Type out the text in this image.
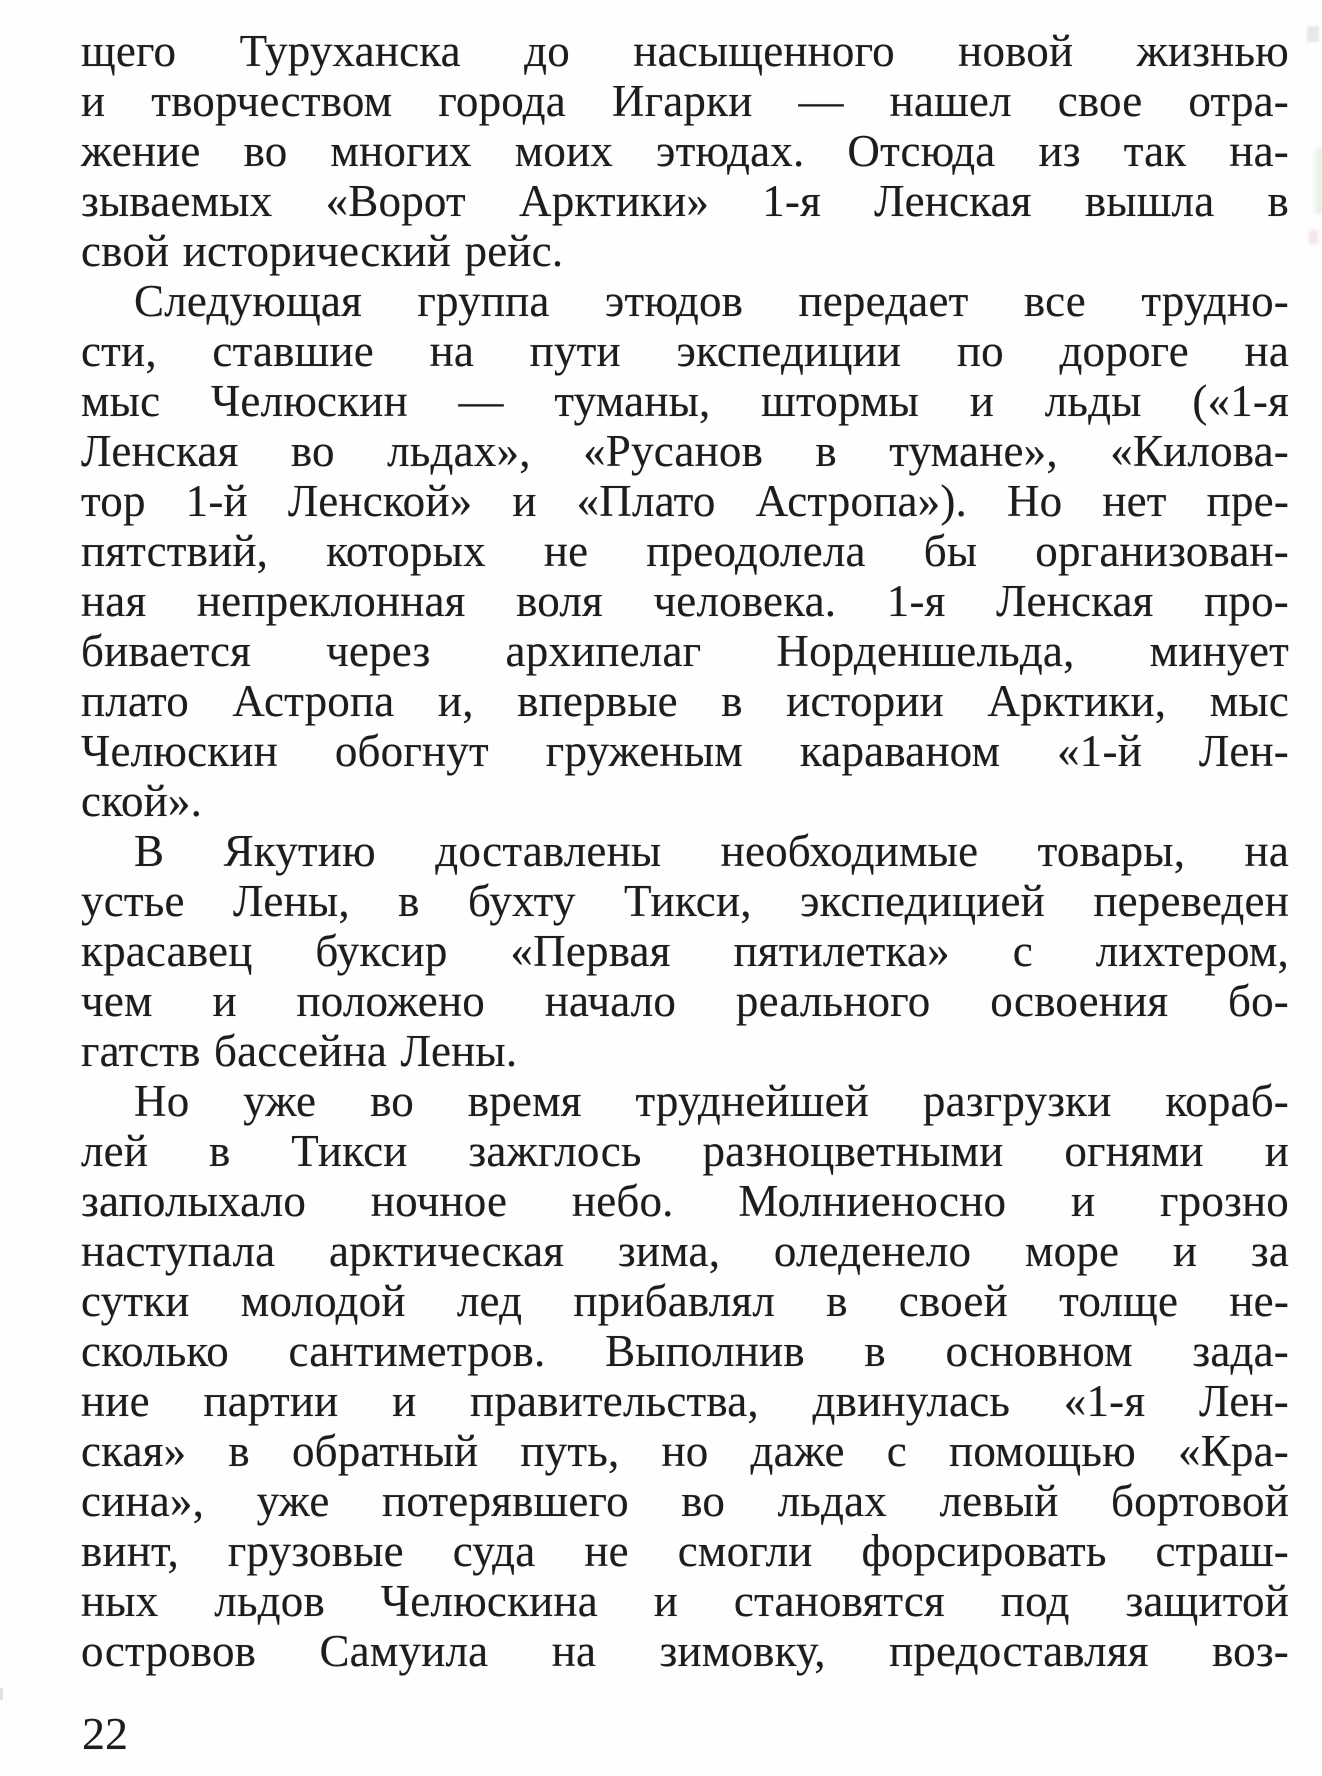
щего Туруханска до насыщенного новой жизнью
и творчеством города Игарки — нашел свое отра-
жение во многих моих этюдах. Отсюда из так на-
зываемых «Ворот Арктики» 1-я Ленская вышла в
свой исторический рейс.
Следующая группа этюдов передает все трудно-
сти, ставшие на пути экспедиции по дороге на
мыс Челюскин — туманы, штормы и льды («1-я
Ленская во льдах», «Русанов в тумане», «Килова-
тор 1-й Ленской» и «Плато Астропа»). Но нет пре-
пятствий, которых не преодолела бы организован-
ная непреклонная воля человека. 1-я Ленская про-
бивается через архипелаг Норденшельда, минует
плато Астропа и, впервые в истории Арктики, мыс
Челюскин обогнут груженым караваном «1-й Лен-
ской».
В Якутию доставлены необходимые товары, на
устье Лены, в бухту Тикси, экспедицией переведен
красавец буксир «Первая пятилетка» с лихтером,
чем и положено начало реального освоения бо-
гатств бассейна Лены.
Но уже во время труднейшей разгрузки кораб-
лей в Тикси зажглось разноцветными огнями и
заполыхало ночное небо. Молниеносно и грозно
наступала арктическая зима, оледенело море и за
сутки молодой лед прибавлял в своей толще не-
сколько сантиметров. Выполнив в основном зада-
ние партии и правительства, двинулась «1-я Лен-
ская» в обратный путь, но даже с помощью «Кра-
сина», уже потерявшего во льдах левый бортовой
винт, грузовые суда не смогли форсировать страш-
ных льдов Челюскина и становятся под защитой
островов Самуила на зимовку, предоставляя воз-
22
